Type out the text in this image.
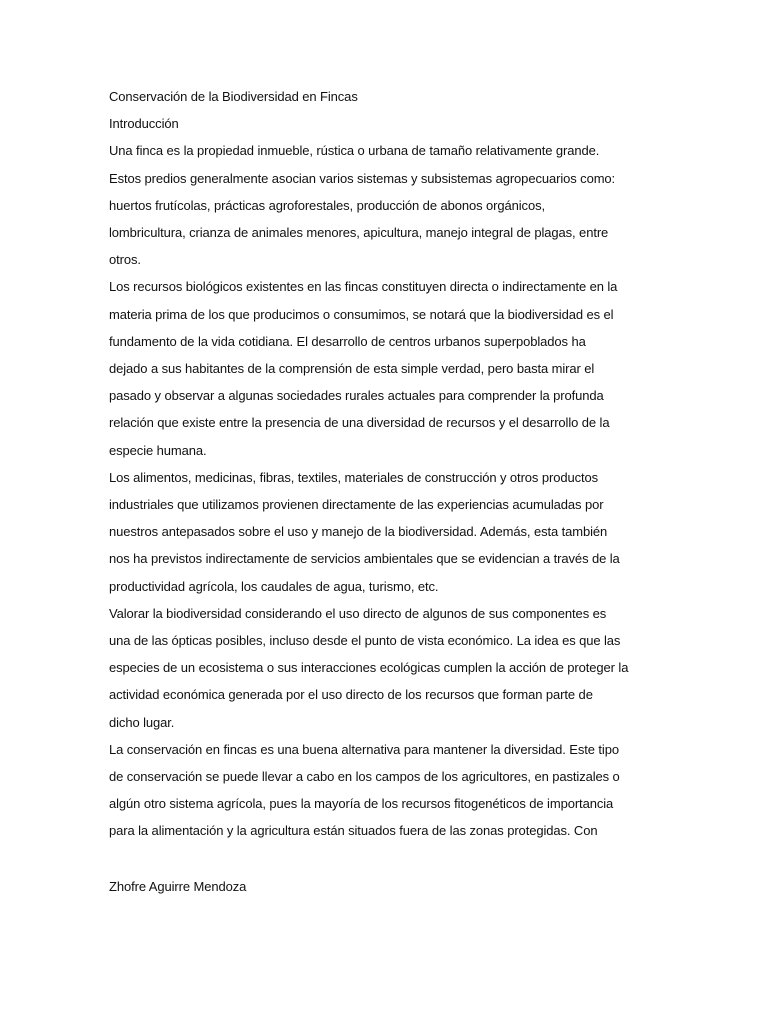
Conservación de la Biodiversidad en Fincas

Introducción

Una finca es la propiedad inmueble, rústica o urbana de tamaño relativamente grande.

Estos predios generalmente asocian varios sistemas y subsistemas agropecuarios como:

huertos frutícolas, prácticas agroforestales, producción de abonos orgánicos,

lombricultura, crianza de animales menores, apicultura, manejo integral de plagas, entre

otros.

Los recursos biológicos existentes en las fincas constituyen directa o indirectamente en la

materia prima de los que producimos o consumimos, se notará que la biodiversidad es el

fundamento de la vida cotidiana. El desarrollo de centros urbanos superpoblados ha

dejado a sus habitantes de la comprensión de esta simple verdad, pero basta mirar el

pasado y observar a algunas sociedades rurales actuales para comprender la profunda

relación que existe entre la presencia de una diversidad de recursos y el desarrollo de la

especie humana.

Los alimentos, medicinas, fibras, textiles, materiales de construcción y otros productos

industriales que utilizamos provienen directamente de las experiencias acumuladas por

nuestros antepasados sobre el uso y manejo de la biodiversidad. Además, esta también

nos ha previstos indirectamente de servicios ambientales que se evidencian a través de la

productividad agrícola, los caudales de agua, turismo, etc.

Valorar la biodiversidad considerando el uso directo de algunos de sus componentes es

una de las ópticas posibles, incluso desde el punto de vista económico. La idea es que las

especies de un ecosistema o sus interacciones ecológicas cumplen la acción de proteger la

actividad económica generada por el uso directo de los recursos que forman parte de

dicho lugar.

La conservación en fincas es una buena alternativa para mantener la diversidad. Este tipo

de conservación se puede llevar a cabo en los campos de los agricultores, en pastizales o

algún otro sistema agrícola, pues la mayoría de los recursos fitogenéticos de importancia

para la alimentación y la agricultura están situados fuera de las zonas protegidas. Con

Zhofre Aguirre Mendoza
